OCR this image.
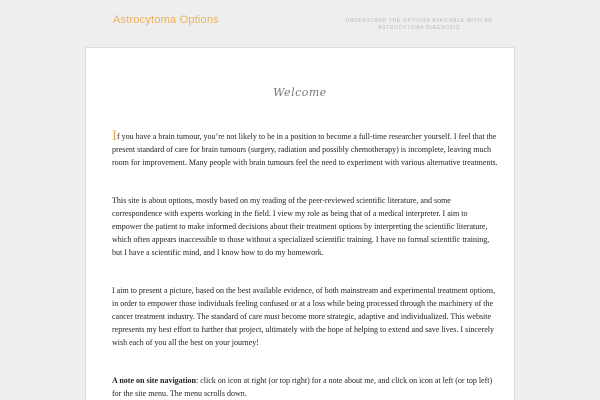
Astrocytoma Options	UNDERSTAND THE OPTIONS AVAILABLE WITH AN ASTROCYTOMA DIAGNOSIS
Welcome

If you have a brain tumour, you’re not likely to be in a position to become a full-time researcher yourself. I feel that the present standard of care for brain tumours (surgery, radiation and possibly chemotherapy) is incomplete, leaving much room for improvement. Many people with brain tumours feel the need to experiment with various alternative treatments.

This site is about options, mostly based on my reading of the peer-reviewed scientific literature, and some correspondence with experts working in the field. I view my role as being that of a medical interpreter. I aim to empower the patient to make informed decisions about their treatment options by interpreting the scientific literature, which often appears inaccessible to those without a specialized scientific training. I have no formal scientific training, but I have a scientific mind, and I know how to do my homework.

I aim to present a picture, based on the best available evidence, of both mainstream and experimental treatment options, in order to empower those individuals feeling confused or at a loss while being processed through the machinery of the cancer treatment industry. The standard of care must become more strategic, adaptive and individualized. This website represents my best effort to further that project, ultimately with the hope of helping to extend and save lives. I sincerely wish each of you all the best on your journey!

A note on site navigation: click on icon at right (or top right) for a note about me, and click on icon at left (or top left) for the site menu. The menu scrolls down.
